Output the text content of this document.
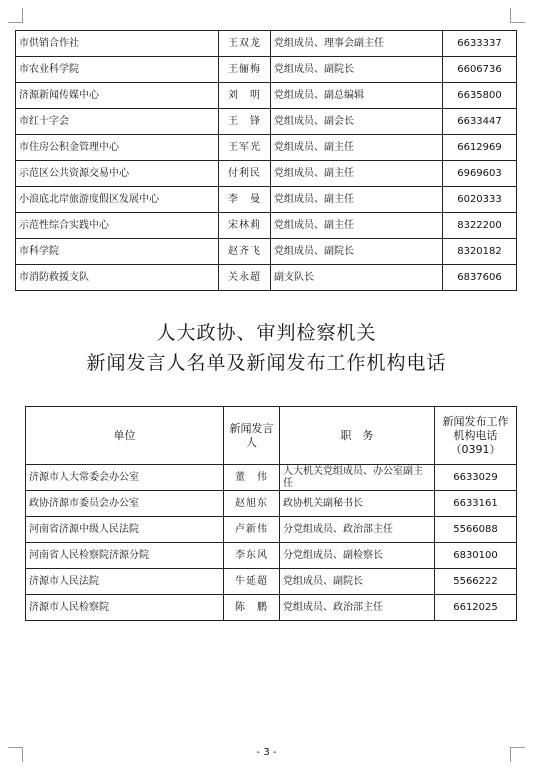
市供销合作社	王双龙	党组成员、理事会副主任	6633337
市农业科学院	王俪梅	党组成员、副院长	6606736
济源新闻传媒中心	刘　明	党组成员、副总编辑	6635800
市红十字会	王　锋	党组成员、副会长	6633447
市住房公积金管理中心	王军光	党组成员、副主任	6612969
示范区公共资源交易中心	付利民	党组成员、副主任	6969603
小浪底北岸旅游度假区发展中心	李　曼	党组成员、副主任	6020333
示范性综合实践中心	宋林莉	党组成员、副主任	8322200
市科学院	赵齐飞	党组成员、副院长	8320182
市消防救援支队	关永超	副支队长	6837606
人大政协、审判检察机关
新闻发言人名单及新闻发布工作机构电话
单位	新闻发言人	职　务	新闻发布工作机构电话（0391）
济源市人大常委会办公室	董　伟	人大机关党组成员、办公室副主任	6633029
政协济源市委员会办公室	赵旭东	政协机关副秘书长	6633161
河南省济源中级人民法院	卢新伟	分党组成员、政治部主任	5566088
河南省人民检察院济源分院	李东风	分党组成员、副检察长	6830100
济源市人民法院	牛延超	党组成员、副院长	5566222
济源市人民检察院	陈　鹏	党组成员、政治部主任	6612025
- 3 -
